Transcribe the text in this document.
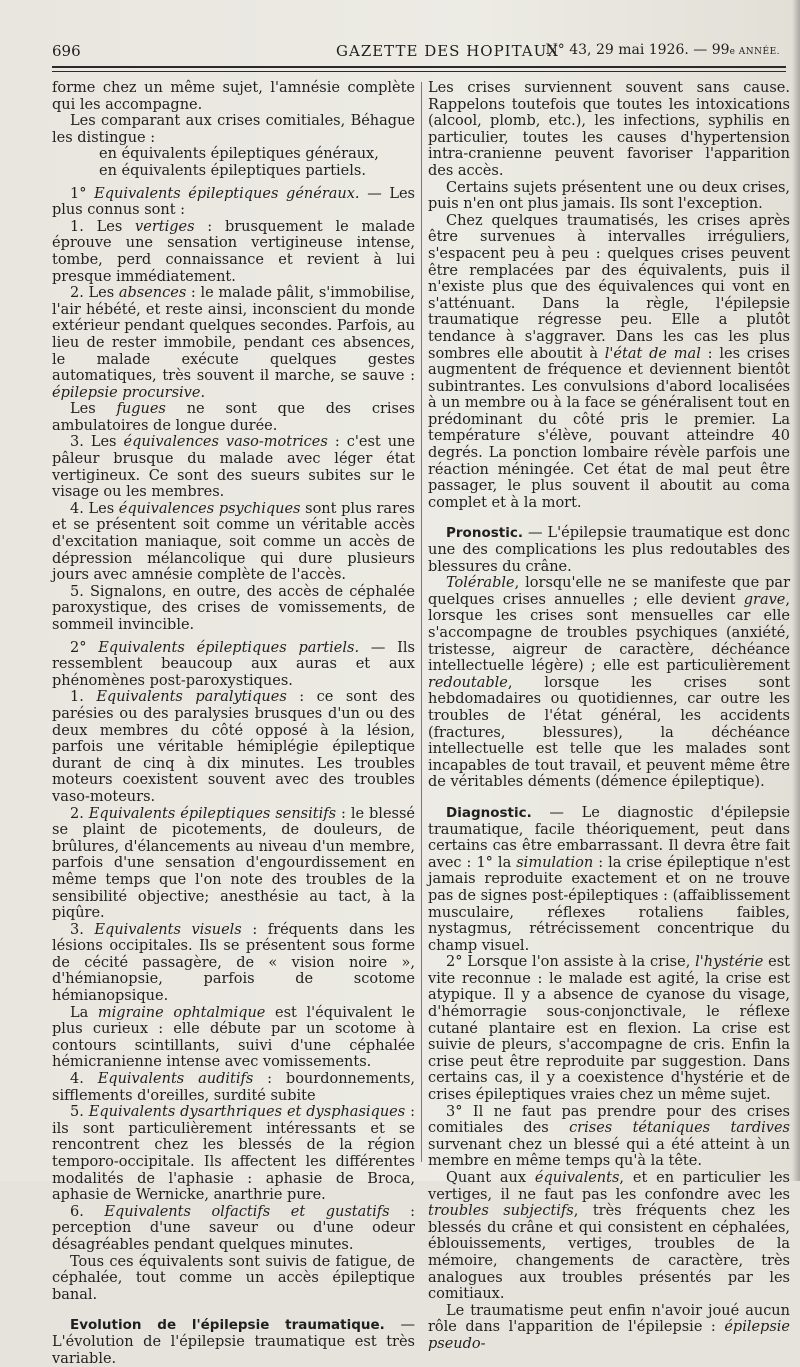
696	GAZETTE DES HOPITAUX
N° 43, 29 mai 1926. — 99e ANNÉE.

forme chez un même sujet, l'amnésie complète qui les accompagne.

Les comparant aux crises comitiales, Béhague les distingue :

en équivalents épileptiques généraux,

en équivalents épileptiques partiels.

1° Equivalents épileptiques généraux. — Les plus connus sont :

1. Les vertiges : brusquement le malade éprouve une sensation vertigineuse intense, tombe, perd connaissance et revient à lui presque immédiatement.

2. Les absences : le malade pâlit, s'immobilise, l'air hébété, et reste ainsi, inconscient du monde extérieur pendant quelques secondes. Parfois, au lieu de rester immobile, pendant ces absences, le malade exécute quelques gestes automatiques, très souvent il marche, se sauve : épilepsie procursive.

Les fugues ne sont que des crises ambulatoires de longue durée.

3. Les équivalences vaso-motrices : c'est une pâleur brusque du malade avec léger état vertigineux. Ce sont des sueurs subites sur le visage ou les membres.

4. Les équivalences psychiques sont plus rares et se présentent soit comme un véritable accès d'excitation maniaque, soit comme un accès de dépression mélancolique qui dure plusieurs jours avec amnésie complète de l'accès.

5. Signalons, en outre, des accès de céphalée paroxystique, des crises de vomissements, de sommeil invincible.

2° Equivalents épileptiques partiels. — Ils ressemblent beaucoup aux auras et aux phénomènes post-paroxystiques.

1. Equivalents paralytiques : ce sont des parésies ou des paralysies brusques d'un ou des deux membres du côté opposé à la lésion, parfois une véritable hémiplégie épileptique durant de cinq à dix minutes. Les troubles moteurs coexistent souvent avec des troubles vaso-moteurs.

2. Equivalents épileptiques sensitifs : le blessé se plaint de picotements, de douleurs, de brûlures, d'élancements au niveau d'un membre, parfois d'une sensation d'engourdissement en même temps que l'on note des troubles de la sensibilité objective; anesthésie au tact, à la piqûre.

3. Equivalents visuels : fréquents dans les lésions occipitales. Ils se présentent sous forme de cécité passagère, de « vision noire », d'hémianopsie, parfois de scotome hémianopsique.

La migraine ophtalmique est l'équivalent le plus curieux : elle débute par un scotome à contours scintillants, suivi d'une céphalée hémicranienne intense avec vomissements.

4. Equivalents auditifs : bourdonnements, sifflements d'oreilles, surdité subite

5. Equivalents dysarthriques et dysphasiques : ils sont particulièrement intéressants et se rencontrent chez les blessés de la région temporo-occipitale. Ils affectent les différentes modalités de l'aphasie : aphasie de Broca, aphasie de Wernicke, anarthrie pure.

6. Equivalents olfactifs et gustatifs : perception d'une saveur ou d'une odeur désagréables pendant quelques minutes.

Tous ces équivalents sont suivis de fatigue, de céphalée, tout comme un accès épileptique banal.

Evolution de l'épilepsie traumatique. — L'évolution de l'épilepsie traumatique est très variable.

Les crises surviennent souvent sans cause. Rappelons toutefois que toutes les intoxications (alcool, plomb, etc.), les infections, syphilis en particulier, toutes les causes d'hypertension intra-cranienne peuvent favoriser l'apparition des accès.

Certains sujets présentent une ou deux crises, puis n'en ont plus jamais. Ils sont l'exception.

Chez quelques traumatisés, les crises après être survenues à intervalles irréguliers, s'espacent peu à peu : quelques crises peuvent être remplacées par des équivalents, puis il n'existe plus que des équivalences qui vont en s'atténuant. Dans la règle, l'épilepsie traumatique régresse peu. Elle a plutôt tendance à s'aggraver. Dans les cas les plus sombres elle aboutit à l'état de mal : les crises augmentent de fréquence et deviennent bientôt subintrantes. Les convulsions d'abord localisées à un membre ou à la face se généralisent tout en prédominant du côté pris le premier. La température s'élève, pouvant atteindre 40 degrés. La ponction lombaire révèle parfois une réaction méningée. Cet état de mal peut être passager, le plus souvent il aboutit au coma complet et à la mort.

Pronostic. — L'épilepsie traumatique est donc une des complications les plus redoutables des blessures du crâne.

Tolérable, lorsqu'elle ne se manifeste que par quelques crises annuelles ; elle devient grave, lorsque les crises sont mensuelles car elle s'accompagne de troubles psychiques (anxiété, tristesse, aigreur de caractère, déchéance intellectuelle légère) ; elle est particulièrement redoutable, lorsque les crises sont hebdomadaires ou quotidiennes, car outre les troubles de l'état général, les accidents (fractures, blessures), la déchéance intellectuelle est telle que les malades sont incapables de tout travail, et peuvent même être de véritables déments (démence épileptique).

Diagnostic. — Le diagnostic d'épilepsie traumatique, facile théoriquement, peut dans certains cas être embarrassant. Il devra être fait avec : 1° la simulation : la crise épileptique n'est jamais reproduite exactement et on ne trouve pas de signes post-épileptiques : (affaiblissement musculaire, réflexes rotaliens faibles, nystagmus, rétrécissement concentrique du champ visuel.

2° Lorsque l'on assiste à la crise, l'hystérie est vite reconnue : le malade est agité, la crise est atypique. Il y a absence de cyanose du visage, d'hémorragie sous-conjonctivale, le réflexe cutané plantaire est en flexion. La crise est suivie de pleurs, s'accompagne de cris. Enfin la crise peut être reproduite par suggestion. Dans certains cas, il y a coexistence d'hystérie et de crises épileptiques vraies chez un même sujet.

3° Il ne faut pas prendre pour des crises comitiales des crises tétaniques tardives survenant chez un blessé qui a été atteint à un membre en même temps qu'à la tête.

Quant aux équivalents, et en particulier les vertiges, il ne faut pas les confondre avec les troubles subjectifs, très fréquents chez les blessés du crâne et qui consistent en céphalées, éblouissements, vertiges, troubles de la mémoire, changements de caractère, très analogues aux troubles présentés par les comitiaux.

Le traumatisme peut enfin n'avoir joué aucun rôle dans l'apparition de l'épilepsie : épilepsie pseudo-
